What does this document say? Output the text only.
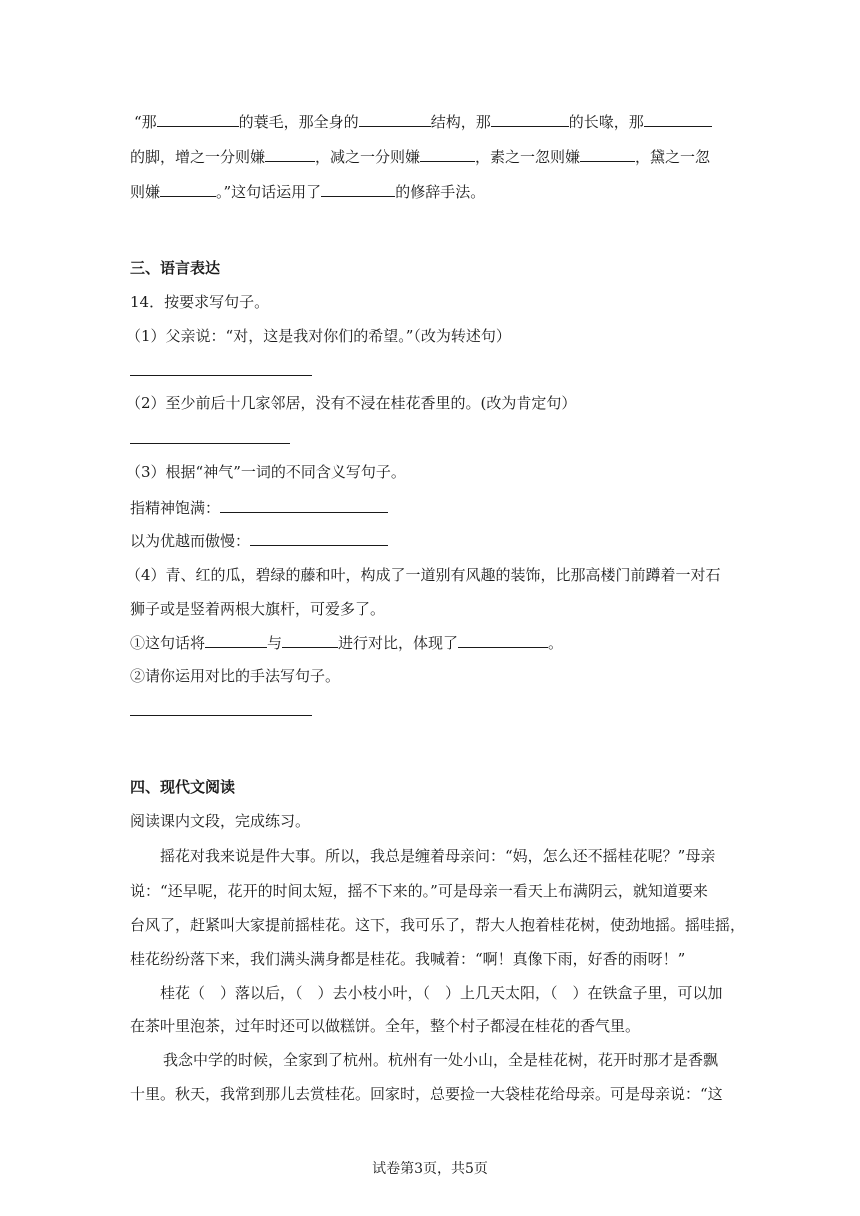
“那	的蓑毛，那全身的	结构，那	的长喙，那
的脚，增之一分则嫌	，减之一分则嫌	，素之一忽则嫌	，黛之一忽
则嫌	。”这句话运用了	的修辞手法。
三、语言表达
14．按要求写句子。
（1）父亲说：“对，这是我对你们的希望。”（改为转述句）
（2）至少前后十几家邻居，没有不浸在桂花香里的。(改为肯定句）
（3）根据“神气”一词的不同含义写句子。
指精神饱满：
以为优越而傲慢：
（4）青、红的瓜，碧绿的藤和叶，构成了一道别有风趣的装饰，比那高楼门前蹲着一对石
狮子或是竖着两根大旗杆，可爱多了。
①这句话将	与	进行对比，体现了	。
②请你运用对比的手法写句子。
四、现代文阅读
阅读课内文段，完成练习。
摇花对我来说是件大事。所以，我总是缠着母亲问：“妈，怎么还不摇桂花呢？”母亲
说：“还早呢，花开的时间太短，摇不下来的。”可是母亲一看天上布满阴云，就知道要来
台风了，赶紧叫大家提前摇桂花。这下，我可乐了，帮大人抱着桂花树，使劲地摇。摇哇摇，
桂花纷纷落下来，我们满头满身都是桂花。我喊着：“啊！真像下雨，好香的雨呀！”
桂花（　）落以后，（　）去小枝小叶，（　）上几天太阳，（　）在铁盒子里，可以加
在茶叶里泡茶，过年时还可以做糕饼。全年，整个村子都浸在桂花的香气里。
我念中学的时候，全家到了杭州。杭州有一处小山，全是桂花树，花开时那才是香飘
十里。秋天，我常到那儿去赏桂花。回家时，总要捡一大袋桂花给母亲。可是母亲说：“这
试卷第3页，共5页
